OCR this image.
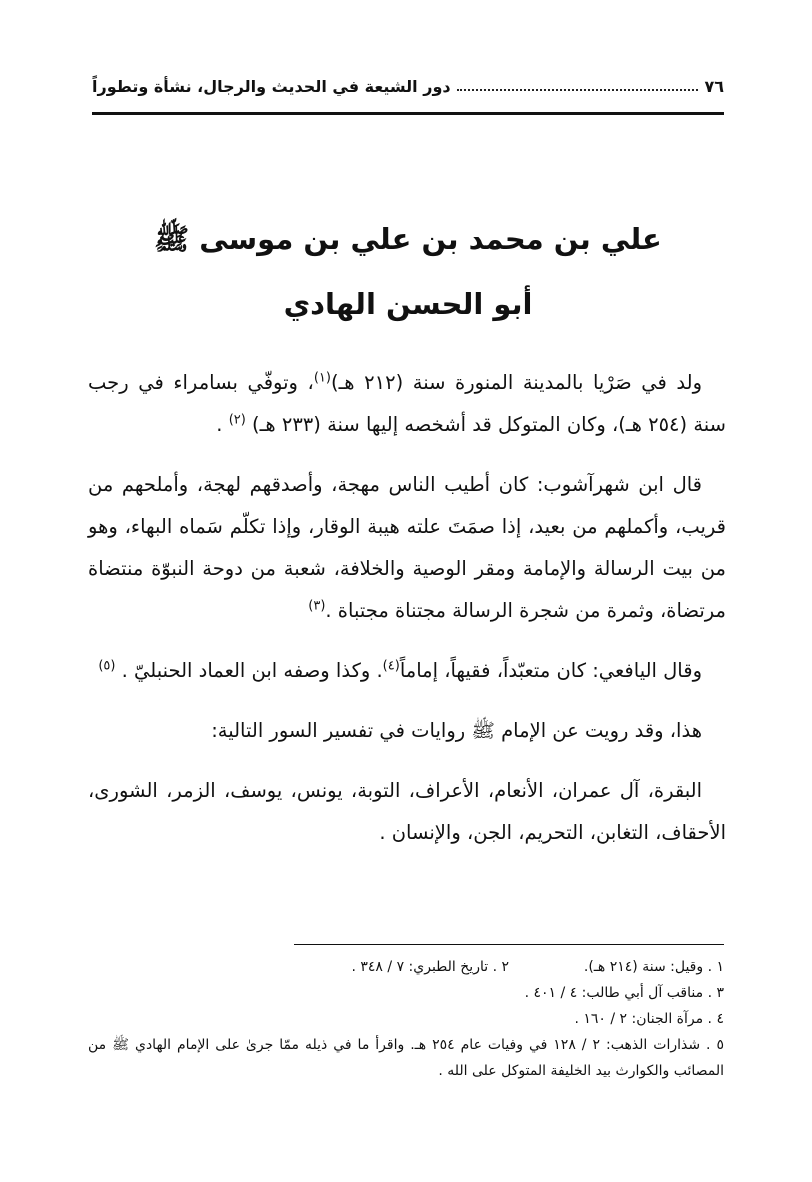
٧٦
دور الشيعة في الحديث والرجال، نشأة وتطوراً
علي بن محمد بن علي بن موسى ﷺ
أبو الحسن الهادي

ولد في صَرْيا بالمدينة المنورة سنة (٢١٢ هـ)$^{(١)}$، وتوفّي بسامراء في رجب سنة (٢٥٤ هـ)، وكان المتوكل قد أشخصه إليها سنة (٢٣٣ هـ) $^{(٢)}$ .

قال ابن شهرآشوب: كان أطيب الناس مهجة، وأصدقهم لهجة، وأملحهم من قريب، وأكملهم من بعيد، إذا صمَتَ علته هيبة الوقار، وإذا تكلّم سَماه البهاء، وهو من بيت الرسالة والإمامة ومقر الوصية والخلافة، شعبة من دوحة النبوّة منتضاة مرتضاة، وثمرة من شجرة الرسالة مجتناة مجتباة .$^{(٣)}$

وقال اليافعي: كان متعبّداً، فقيهاً، إماماً$^{(٤)}$. وكذا وصفه ابن العماد الحنبليّ . $^{(٥)}$

هذا، وقد رويت عن الإمام ﷺ روايات في تفسير السور التالية:

البقرة، آل عمران، الأنعام، الأعراف، التوبة، يونس، يوسف، الزمر، الشورى، الأحقاف، التغابن، التحريم، الجن، والإنسان .

١ . وقيل: سنة (٢١٤ هـ).
٢ . تاريخ الطبري: ٧ / ٣٤٨ .
٣ . مناقب آل أبي طالب: ٤ / ٤٠١ .
٤ . مرآة الجنان: ٢ / ١٦٠ .
٥ . شذارات الذهب: ٢ / ١٢٨ في وفيات عام ٢٥٤ هـ. واقرأ ما في ذيله ممّا جرىٰ على الإمام الهادي ﷺ من المصائب والكوارث بيد الخليفة المتوكل على الله .
